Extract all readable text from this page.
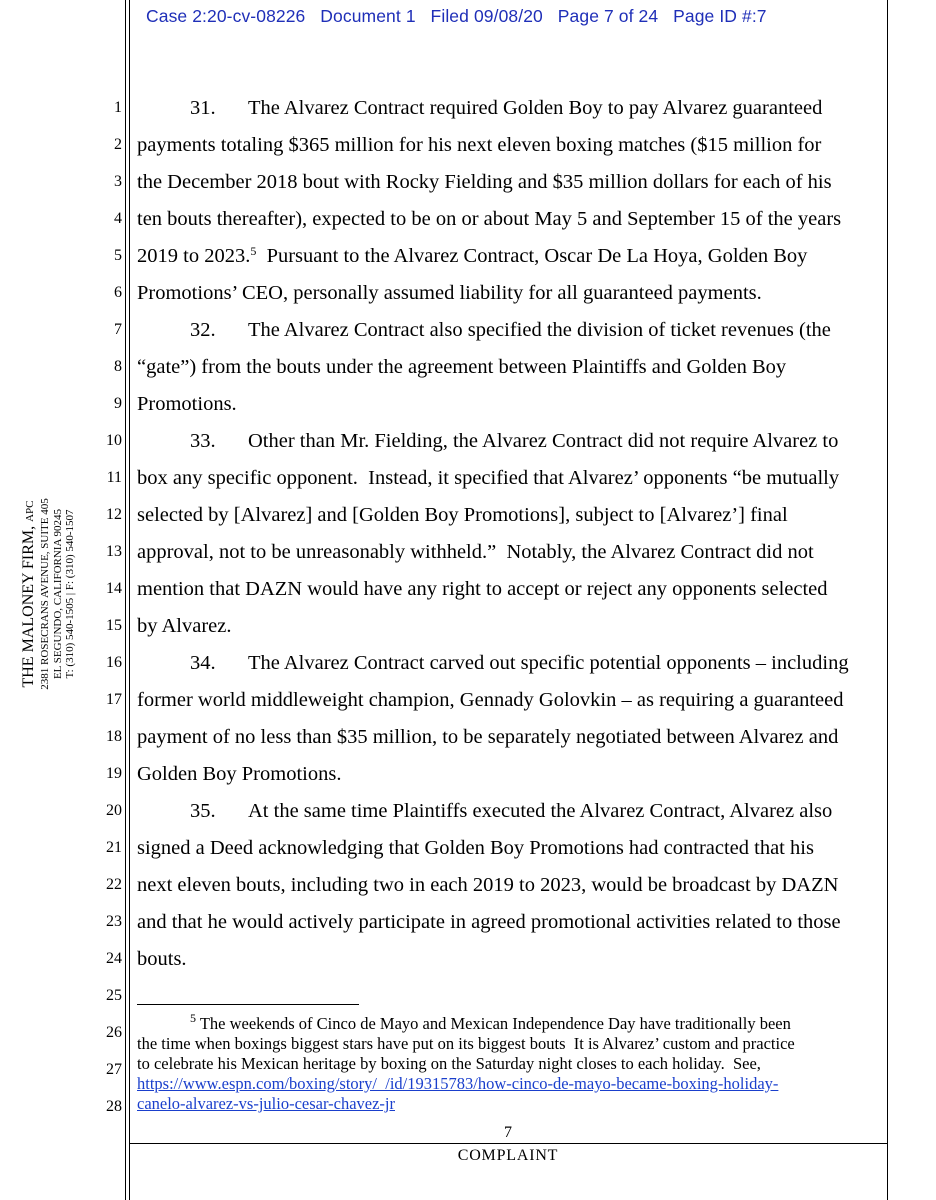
Case 2:20-cv-08226 Document 1 Filed 09/08/20 Page 7 of 24 Page ID #:7
THE MALONEY FIRM, APC 2381 ROSECRANS AVENUE, SUITE 405 EL SEGUNDO, CALIFORNIA 90245 T: (310) 540-1505 | F: (310) 540-1507
1
2
3
4
5
6
7
8
9
10
11
12
13
14
15
16
17
18
19
20
21
22
23
24
25
26
27
28
31. The Alvarez Contract required Golden Boy to pay Alvarez guaranteed
payments totaling $365 million for his next eleven boxing matches ($15 million for
the December 2018 bout with Rocky Fielding and $35 million dollars for each of his
ten bouts thereafter), expected to be on or about May 5 and September 15 of the years
2019 to 2023.$^5$  Pursuant to the Alvarez Contract, Oscar De La Hoya, Golden Boy
Promotions’ CEO, personally assumed liability for all guaranteed payments.
32. The Alvarez Contract also specified the division of ticket revenues (the
“gate”) from the bouts under the agreement between Plaintiffs and Golden Boy
Promotions.
33. Other than Mr. Fielding, the Alvarez Contract did not require Alvarez to
box any specific opponent.  Instead, it specified that Alvarez’ opponents “be mutually
selected by [Alvarez] and [Golden Boy Promotions], subject to [Alvarez’] final
approval, not to be unreasonably withheld.”  Notably, the Alvarez Contract did not
mention that DAZN would have any right to accept or reject any opponents selected
by Alvarez.
34. The Alvarez Contract carved out specific potential opponents – including
former world middleweight champion, Gennady Golovkin – as requiring a guaranteed
payment of no less than $35 million, to be separately negotiated between Alvarez and
Golden Boy Promotions.
35. At the same time Plaintiffs executed the Alvarez Contract, Alvarez also
signed a Deed acknowledging that Golden Boy Promotions had contracted that his
next eleven bouts, including two in each 2019 to 2023, would be broadcast by DAZN
and that he would actively participate in agreed promotional activities related to those
bouts.
$^5$ The weekends of Cinco de Mayo and Mexican Independence Day have traditionally been
the time when boxings biggest stars have put on its biggest bouts  It is Alvarez’ custom and practice
to celebrate his Mexican heritage by boxing on the Saturday night closes to each holiday.  See,
https://www.espn.com/boxing/story/_/id/19315783/how-cinco-de-mayo-became-boxing-holiday-
canelo-alvarez-vs-julio-cesar-chavez-jr
7
COMPLAINT
